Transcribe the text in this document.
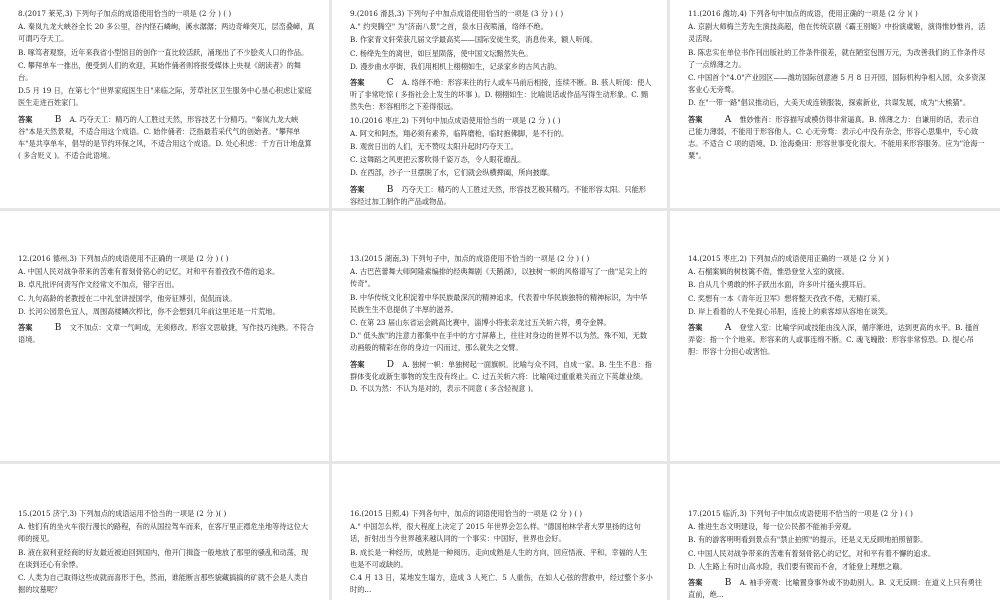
8.(2017 莱芜,3) 下列句子加点的成语使用恰当的一项是 (2 分 ) ( )

A. 秦岚九龙大峡谷全长 20 多公里，谷内怪石嶙峋，溪水潺潺；两边奇峰突兀，层峦叠嶂，真可谓巧夺天工。

B. 啄笃者观察，近年来我省小型馆目的创作一直比较活跃，涌现出了不少脍炙人口的作品。

C. 攀拜单车一推出，便受到人们的欢迎，其始作俑者则将报受媒体上央视《朗读者》的舞台。

D.5 月 19 日，在第七个"世界家庭医生日"来临之际，芳草社区卫生服务中心垦心积虑让家庭医生走进百姓家门。

答案 B A. 巧夺天工：精巧的人工胜过天然，形容技艺十分精巧。"秦岚九龙大峡谷"本是天然景观，不适合用这个成语。C. 始作俑者：泛指最若采代气的创始者。"攀拜单车"是共享单车，倡导的是节约环保之风，不适合用这个成语。D. 处心积虑：千方百计地盘算 ( 多含贬义 )。不适合此语境。

9.(2016 滑县,3) 下列句子中加点成语使用恰当的一项是 (3 分 ) ( )

A." 约突腾空" 为"济南八景"之首，泉水日夜喷涌，络绎不绝。

B. 作家青文轩荣获几届文学最高奖——国际安徒生奖，消息传来，额人听闻。

C. 杨绛先生的离世，如巨星陨落，使中国文坛黯然失色。

D. 漫步曲水亭街，我们用相机上栩栩如生，记录家乡的古风古韵。

答案 C A. 络绎不绝：形容来往的行人或车马前后相接，连续不断。B. 骇人听闻：使人听了非常吃惊 ( 多指社会上发生的坏事 )。D. 栩栩如生：比喻说话或作品写得生动形象。C. 黯然失色：形容相形之下差得很远。

10.(2016 枣庄,2) 下列句中加点成语使用恰当的一项是 (2 分 ) ( )

A. 阿文和阿杰，翔必须有素养，临阵磨枪，临时抱佛脚，是不行的。

B. 观赏日出的人们，无不赞叹太阳升起时巧夺天工。

C. 这舞蹈之风更把云雾吹得千姿万态，令人眼花缭乱。

D. 在西部，沙子一旦摆脱了水，它们就会纵横捭阖，所向披靡。

答案 B 巧夺天工：精巧的人工胜过天然，形容技艺极其精巧。不能形容太阳。只能形容经过加工制作的产品或物品。

11.(2016 潍坊,4) 下列各句中加点的成语，使用正确的一项是 (2 分 )( )

A. 京剧大师梅兰芳先生演技高超，他在传统京剧《霸王别姬》中扮演虞姬，演得惟妙惟肖，活灵活现。

B. 陈忠实在单位书作刊出版社的工作条件很差，就在陋室包围万元，为改善我们的工作条件尽了一点绵薄之力。

C. 中国首个"4.0"产业园区——潍坊国际创意港 5 月 8 日开园，国际机构争相入园，众多资深客业心无旁骛。

D. 在"一带一路"倡议推动后，大美天成连锁服装，探索新业，共谋发展，成为"大熊猫"。

答案 A 惟妙惟肖：形容描写或模仿得非常逼真。B. 绵薄之力：自谦用的话，表示自己能力薄弱，不能用于形容他人。C. 心无旁骛：表示心中没有杂念，形容心思集中，专心致志。不适合 C 项的语境。D. 沧海桑田：形容世事变化很大。不能用来形容服务。应为"沧海一粟"。

12.(2016 德州,3) 下列加点的成语使用不正确的一项是 (2 分 ) ( )

A. 中国人民对战争带来的苦难有着刻骨铭心的记忆，对和平有着孜孜不倦的追求。

B. 卓凡批评问责写作文经常文不加点，错字百出。

C. 九句高龄的老教授在二中礼堂讲授国学，他旁征博引，侃侃而谈。

D. 长河公园景色宜人，周围高楼鳞次栉比，你不会想到几年前这里还是一片荒地。

答案 B 文不加点：文章一气呵成，无须修改。形容文思敏捷，写作技巧纯熟。不符合语境。

13.(2015 湖南,3) 下列句子中，加点的成语使用不恰当的一项是 (2 分 ) ( )

A. 古巴芭蕾舞大师阿隆索编排的经典舞剧《天鹅湖》，以独树一帜的风格谱写了一曲"足尖上的传奇"。

B. 中华传统文化积淀着中华民族最深沉的精神追求，代表着中华民族独特的精神标识，为中华民族生生不息提供了丰厚的滋养。

C. 在第 23 届山东省运会跳高比赛中，淄博小将张亲龙过五关斩六将，勇夺金牌。

D." 低头族"的注意力都集中在手中的方寸屏幕上，往往对身边的世界不以为然。殊不知，无数动画般的精彩在你的身边一闪而过，那么就失之交臂。

答案 D A. 独树一帜：单独树起一面旗帜。比喻与众不同，自成一家。B. 生生不息：指群体变化或新生事物的发生没有终止。C. 过五关斩六将：比喻闯过重重难关而立下英雄业绩。D. 不以为然：不认为是对的，表示不同意 ( 多含轻视意 )。

14.(2015 枣庄,2) 下列加点的成语使用正确的一项是 (2 分 )( )

A. 石榴案辑的树枝篱不倦，惟恐登堂入室的就接。

B. 自从几个勇敢的怀子跃出水面，许多叶片搔头摸耳后。

C. 奖想有一本《青年近卫军》想将整天孜孜不倦，无精打采。

D. 岸上看着的人不免捉心吊胆，连接上的乘客却从容地在谈笑。

答案 A 登堂入室：比喻学问或技能由浅入深，循序渐进，达到更高的水平。B. 搔首弄姿：指一个个地来。形容来的人或事连绵不断。C. 魂飞魄散：形容非常惊恐。D. 提心吊胆：形容十分担心或害怕。

15.(2015 济宁,3) 下列加点的成语运用不恰当的一项是 (2 分 )( )

A. 他们有的坐火车很行漫长的路程，有的从国拉驾车而来，在客厅里正襟危坐地等待这位大师的接见。

B. 液在叙利亚经商的好友最近被迫回到国内，他开门揖盗一般地放了那里的骚乱和动荡，现在谈到还心有余悸。

C. 人类为自己取得这些成就而喜形于色，然而，谁能断言那些貌藏搞搞的矿就不会是人类自掘的坟墓呢？

16.(2015 日照,4) 下列各句中，加点的词语使用恰当的一项是 (2 分 ) ( )

A." 中国怎么样，很大程度上决定了 2015 年世界会怎么样。"德国柏林学者大罗里扬的这句话，折射出当今世界越来越认同的一个事实：中国好，世界也会好。

B. 成长是一种经历，成熟是一种阅历。走向成熟是人生的方向，回应悟液、平和、幸福的人生也是不可或缺的。

C.4 月 13 日，某地发生塌方，造成 3 人死亡、5 人重伤，在如人心弦的营救中，经过整个多小时的...

17.(2015 临沂,3) 下列句子中加点成语使用不恰当的一项是 (2 分 ) ( )

A. 推进生态文明建设，每一位公民都不能袖手旁观。

B. 有的游客明明看到景点有"禁止拍照"的提示，还是义无反顾地拍照留影。

C. 中国人民对战争带来的苦难有着刻骨铭心的记忆，对和平有着不懈的追求。

D. 人生路上有时山高水险，我们要有锲而不舍，才能登上理想之巅。

答案 B A. 袖手旁观：比喻置身事外或不协助别人。B. 义无反顾：在道义上只有勇往直前，绝...
